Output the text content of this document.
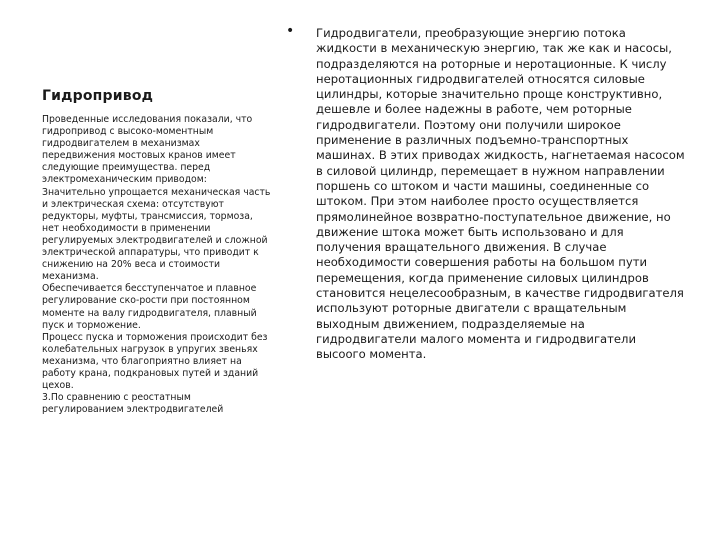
Гидропривод

Проведенные исследования показали, что гидропривод с высоко-моментным гидродвигателем в механизмах передвижения мостовых кранов имеет следующие преимущества. перед электромеханическим приводом:

Значительно упрощается механическая часть и электрическая схема: отсутствуют редукторы, муфты, трансмиссия, тормоза, нет необходимости в применении регулируемых электродвигателей и сложной электрической аппаратуры, что приводит к снижению на 20% веса и стоимости механизма.

Обеспечивается бесступенчатое и плавное регулирование ско-рости при постоянном моменте на валу гидродвигателя, плавный пуск и торможение.

Процесс пуска и торможения происходит без колебательных нагрузок в упругих звеньях механизма, что благоприятно влияет на работу крана, подкрановых путей и зданий цехов.

3.По сравнению с реостатным регулированием электродвигателей

• Гидродвигатели, преобразующие энергию потока жидкости в механическую энергию, так же как и насосы, подразделяются на роторные и неротационные. К числу неротационных гидродвигателей относятся силовые цилиндры, которые значительно проще конструктивно, дешевле и более надежны в работе, чем роторные гидродвигатели. Поэтому они получили широкое применение в различных подъемно-транспортных машинах. В этих приводах жидкость, нагнетаемая насосом в силовой цилиндр, перемещает в нужном направлении поршень со штоком и части машины, соединенные со штоком. При этом наиболее просто осуществляется прямолинейное возвратно-поступательное движение, но движение штока может быть использовано и для получения вращательного движения. В случае необходимости совершения работы на большом пути перемещения, когда применение силовых цилиндров становится нецелесообразным, в качестве гидродвигателя используют роторные двигатели с вращательным выходным движением, подразделяемые на гидродвигатели малого момента и гидродвигатели высоого момента.
